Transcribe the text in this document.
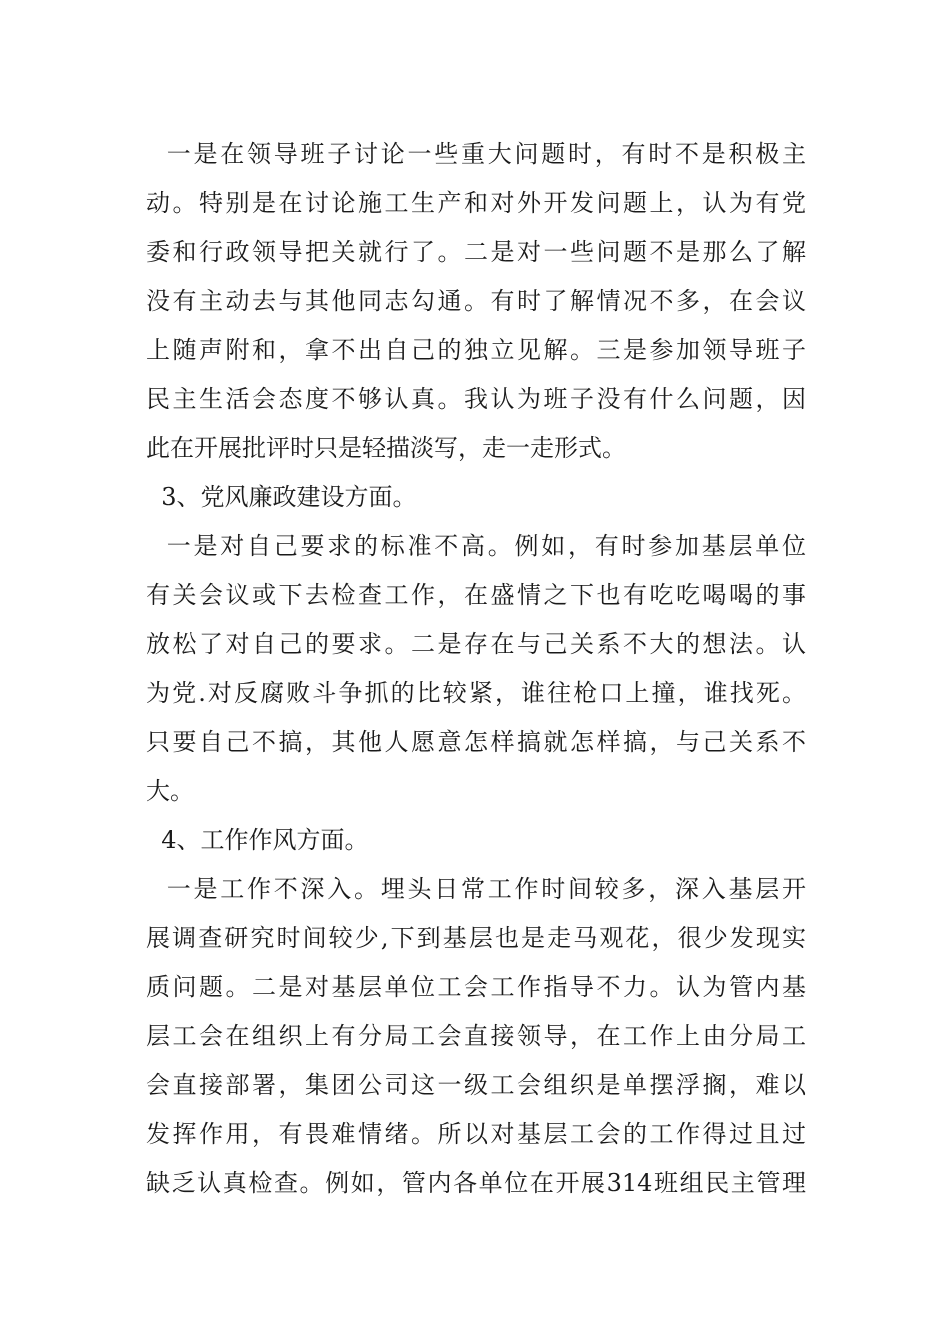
一是在领导班子讨论一些重大问题时，有时不是积极主
动。特别是在讨论施工生产和对外开发问题上，认为有党
委和行政领导把关就行了。二是对一些问题不是那么了解
没有主动去与其他同志勾通。有时了解情况不多，在会议
上随声附和，拿不出自己的独立见解。三是参加领导班子
民主生活会态度不够认真。我认为班子没有什么问题，因
此在开展批评时只是轻描淡写，走一走形式。
3、党风廉政建设方面。
一是对自己要求的标准不高。例如，有时参加基层单位
有关会议或下去检查工作，在盛情之下也有吃吃喝喝的事
放松了对自己的要求。二是存在与己关系不大的想法。认
为党.对反腐败斗争抓的比较紧，谁往枪口上撞，谁找死。
只要自己不搞，其他人愿意怎样搞就怎样搞，与己关系不
大。
4、工作作风方面。
一是工作不深入。埋头日常工作时间较多，深入基层开
展调查研究时间较少,下到基层也是走马观花，很少发现实
质问题。二是对基层单位工会工作指导不力。认为管内基
层工会在组织上有分局工会直接领导，在工作上由分局工
会直接部署，集团公司这一级工会组织是单摆浮搁，难以
发挥作用，有畏难情绪。所以对基层工会的工作得过且过
缺乏认真检查。例如，管内各单位在开展314班组民主管理
